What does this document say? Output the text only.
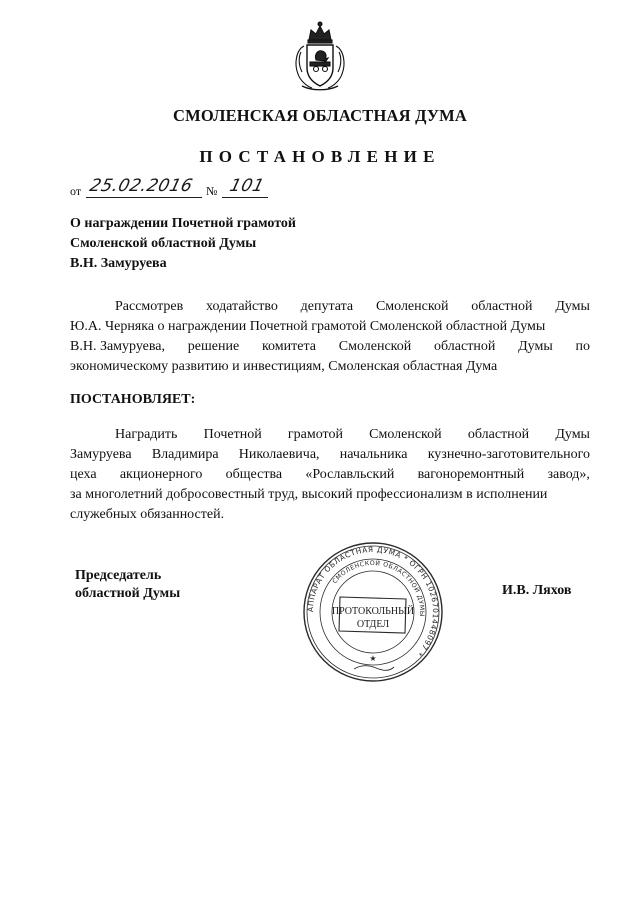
СМОЛЕНСКАЯ ОБЛАСТНАЯ ДУМА
ПОСТАНОВЛЕНИЕ
от 25.02.2016 № 101
О награждении Почетной грамотой
Смоленской областной Думы
В.Н. Замуруева
Рассмотрев ходатайство депутата Смоленской областной Думы
Ю.А. Черняка о награждении Почетной грамотой Смоленской областной Думы
В.Н. Замуруева, решение комитета Смоленской областной Думы по
экономическому развитию и инвестициям, Смоленская областная Дума
ПОСТАНОВЛЯЕТ:
Наградить Почетной грамотой Смоленской областной Думы
Замуруева Владимира Николаевича, начальника кузнечно-заготовительного
цеха акционерного общества «Рославльский вагоноремонтный завод»,
за многолетний добросовестный труд, высокий профессионализм в исполнении
служебных обязанностей.
Председатель
областной Думы	И.В. Ляхов
АППАРАТ ОБЛАСТНАЯ ДУМА * ОГРН 1026701448097 *
СМОЛЕНСКОЙ ОБЛАСТНОЙ ДУМЫ
ПРОТОКОЛЬНЫЙ
ОТДЕЛ
★
